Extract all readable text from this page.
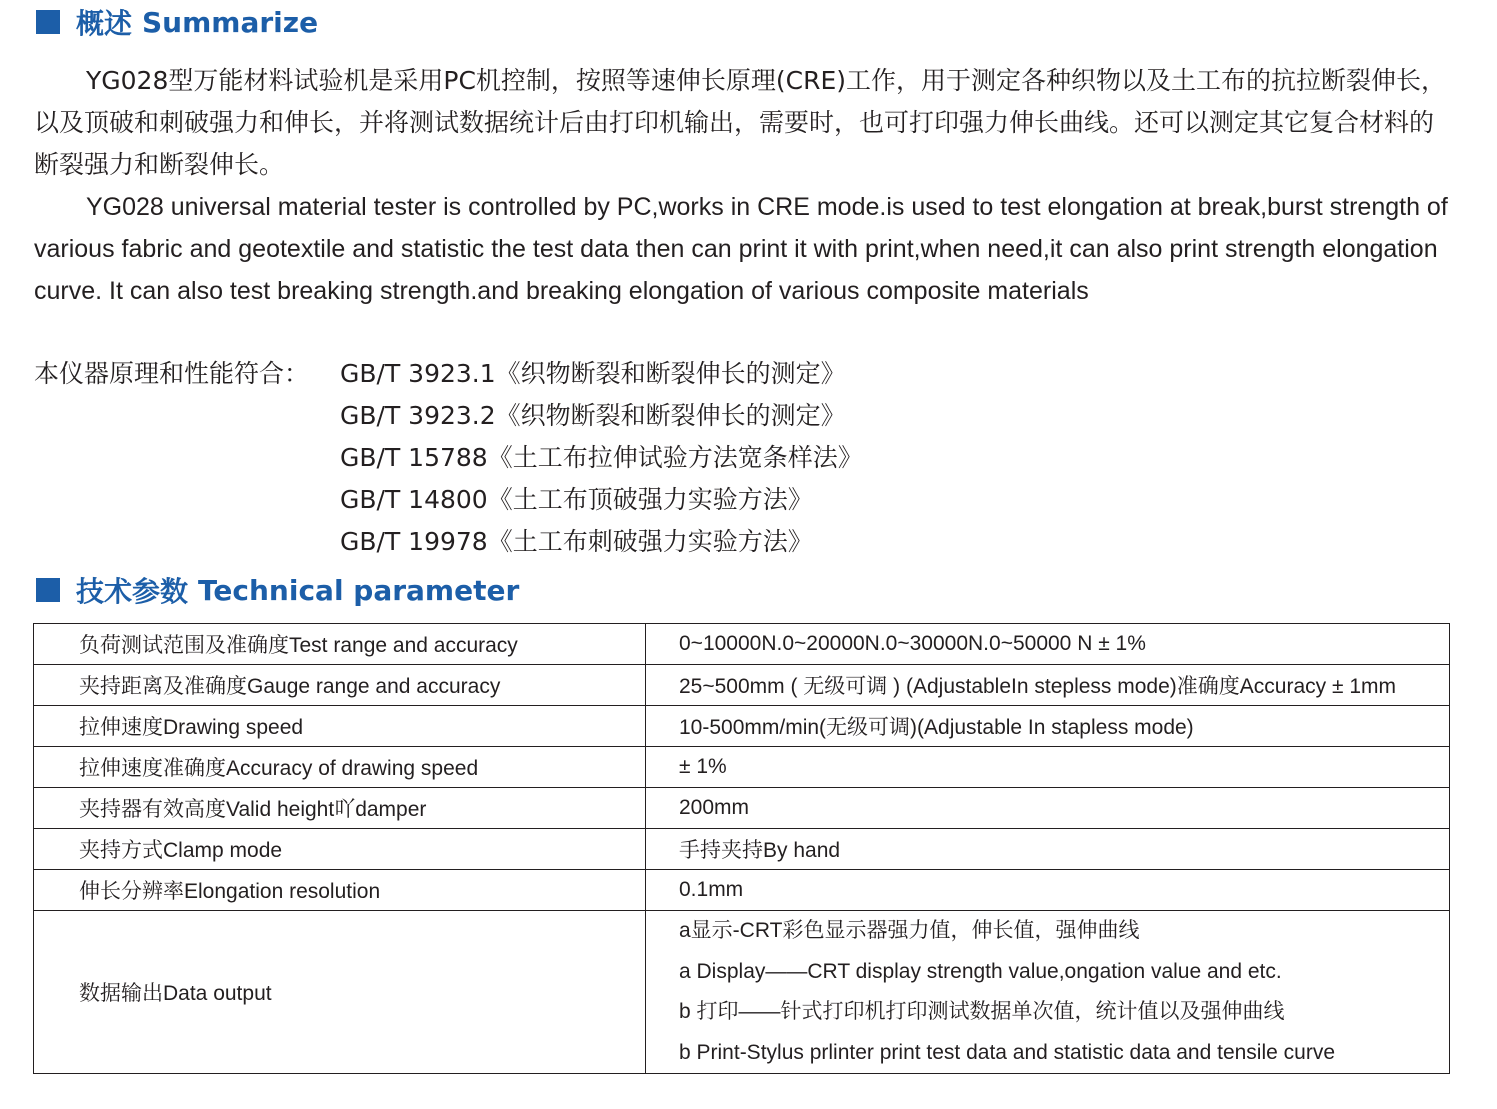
概述 Summarize

YG028型万能材料试验机是采用PC机控制，按照等速伸长原理(CRE)工作，用于测定各种织物以及土工布的抗拉断裂伸长，以及顶破和刺破强力和伸长，并将测试数据统计后由打印机输出，需要时，也可打印强力伸长曲线。还可以测定其它复合材料的断裂强力和断裂伸长。

YG028 universal material tester is controlled by PC,works in CRE mode.is used to test elongation at break,burst strength of various fabric and geotextile and statistic the test data then can print it with print,when need,it can also print strength elongation curve. It can also test breaking strength.and breaking elongation of various composite materials

本仪器原理和性能符合：	GB/T 3923.1《织物断裂和断裂伸长的测定》
GB/T 3923.2《织物断裂和断裂伸长的测定》
GB/T 15788《土工布拉伸试验方法宽条样法》
GB/T 14800《土工布顶破强力实验方法》
GB/T 19978《土工布刺破强力实验方法》
技术参数 Technical parameter
负荷测试范围及准确度Test range and accuracy	0~10000N.0~20000N.0~30000N.0~50000 N ± 1%
夹持距离及准确度Gauge range and accuracy	25~500mm ( 无级可调 ) (AdjustableIn stepless mode)准确度Accuracy ± 1mm
拉伸速度Drawing speed	10-500mm/min(无级可调)(Adjustable In stapless mode)
拉伸速度准确度Accuracy of drawing speed	± 1%
夹持器有效高度Valid height吖damper	200mm
夹持方式Clamp mode	手持夹持By hand
伸长分辨率Elongation resolution	0.1mm
数据输出Data output	a显示-CRT彩色显示器强力值，伸长值，强伸曲线
a Display——CRT display strength value,ongation value and etc.
b 打印——针式打印机打印测试数据单次值，统计值以及强伸曲线
b Print-Stylus prlinter print test data and statistic data and tensile curve
